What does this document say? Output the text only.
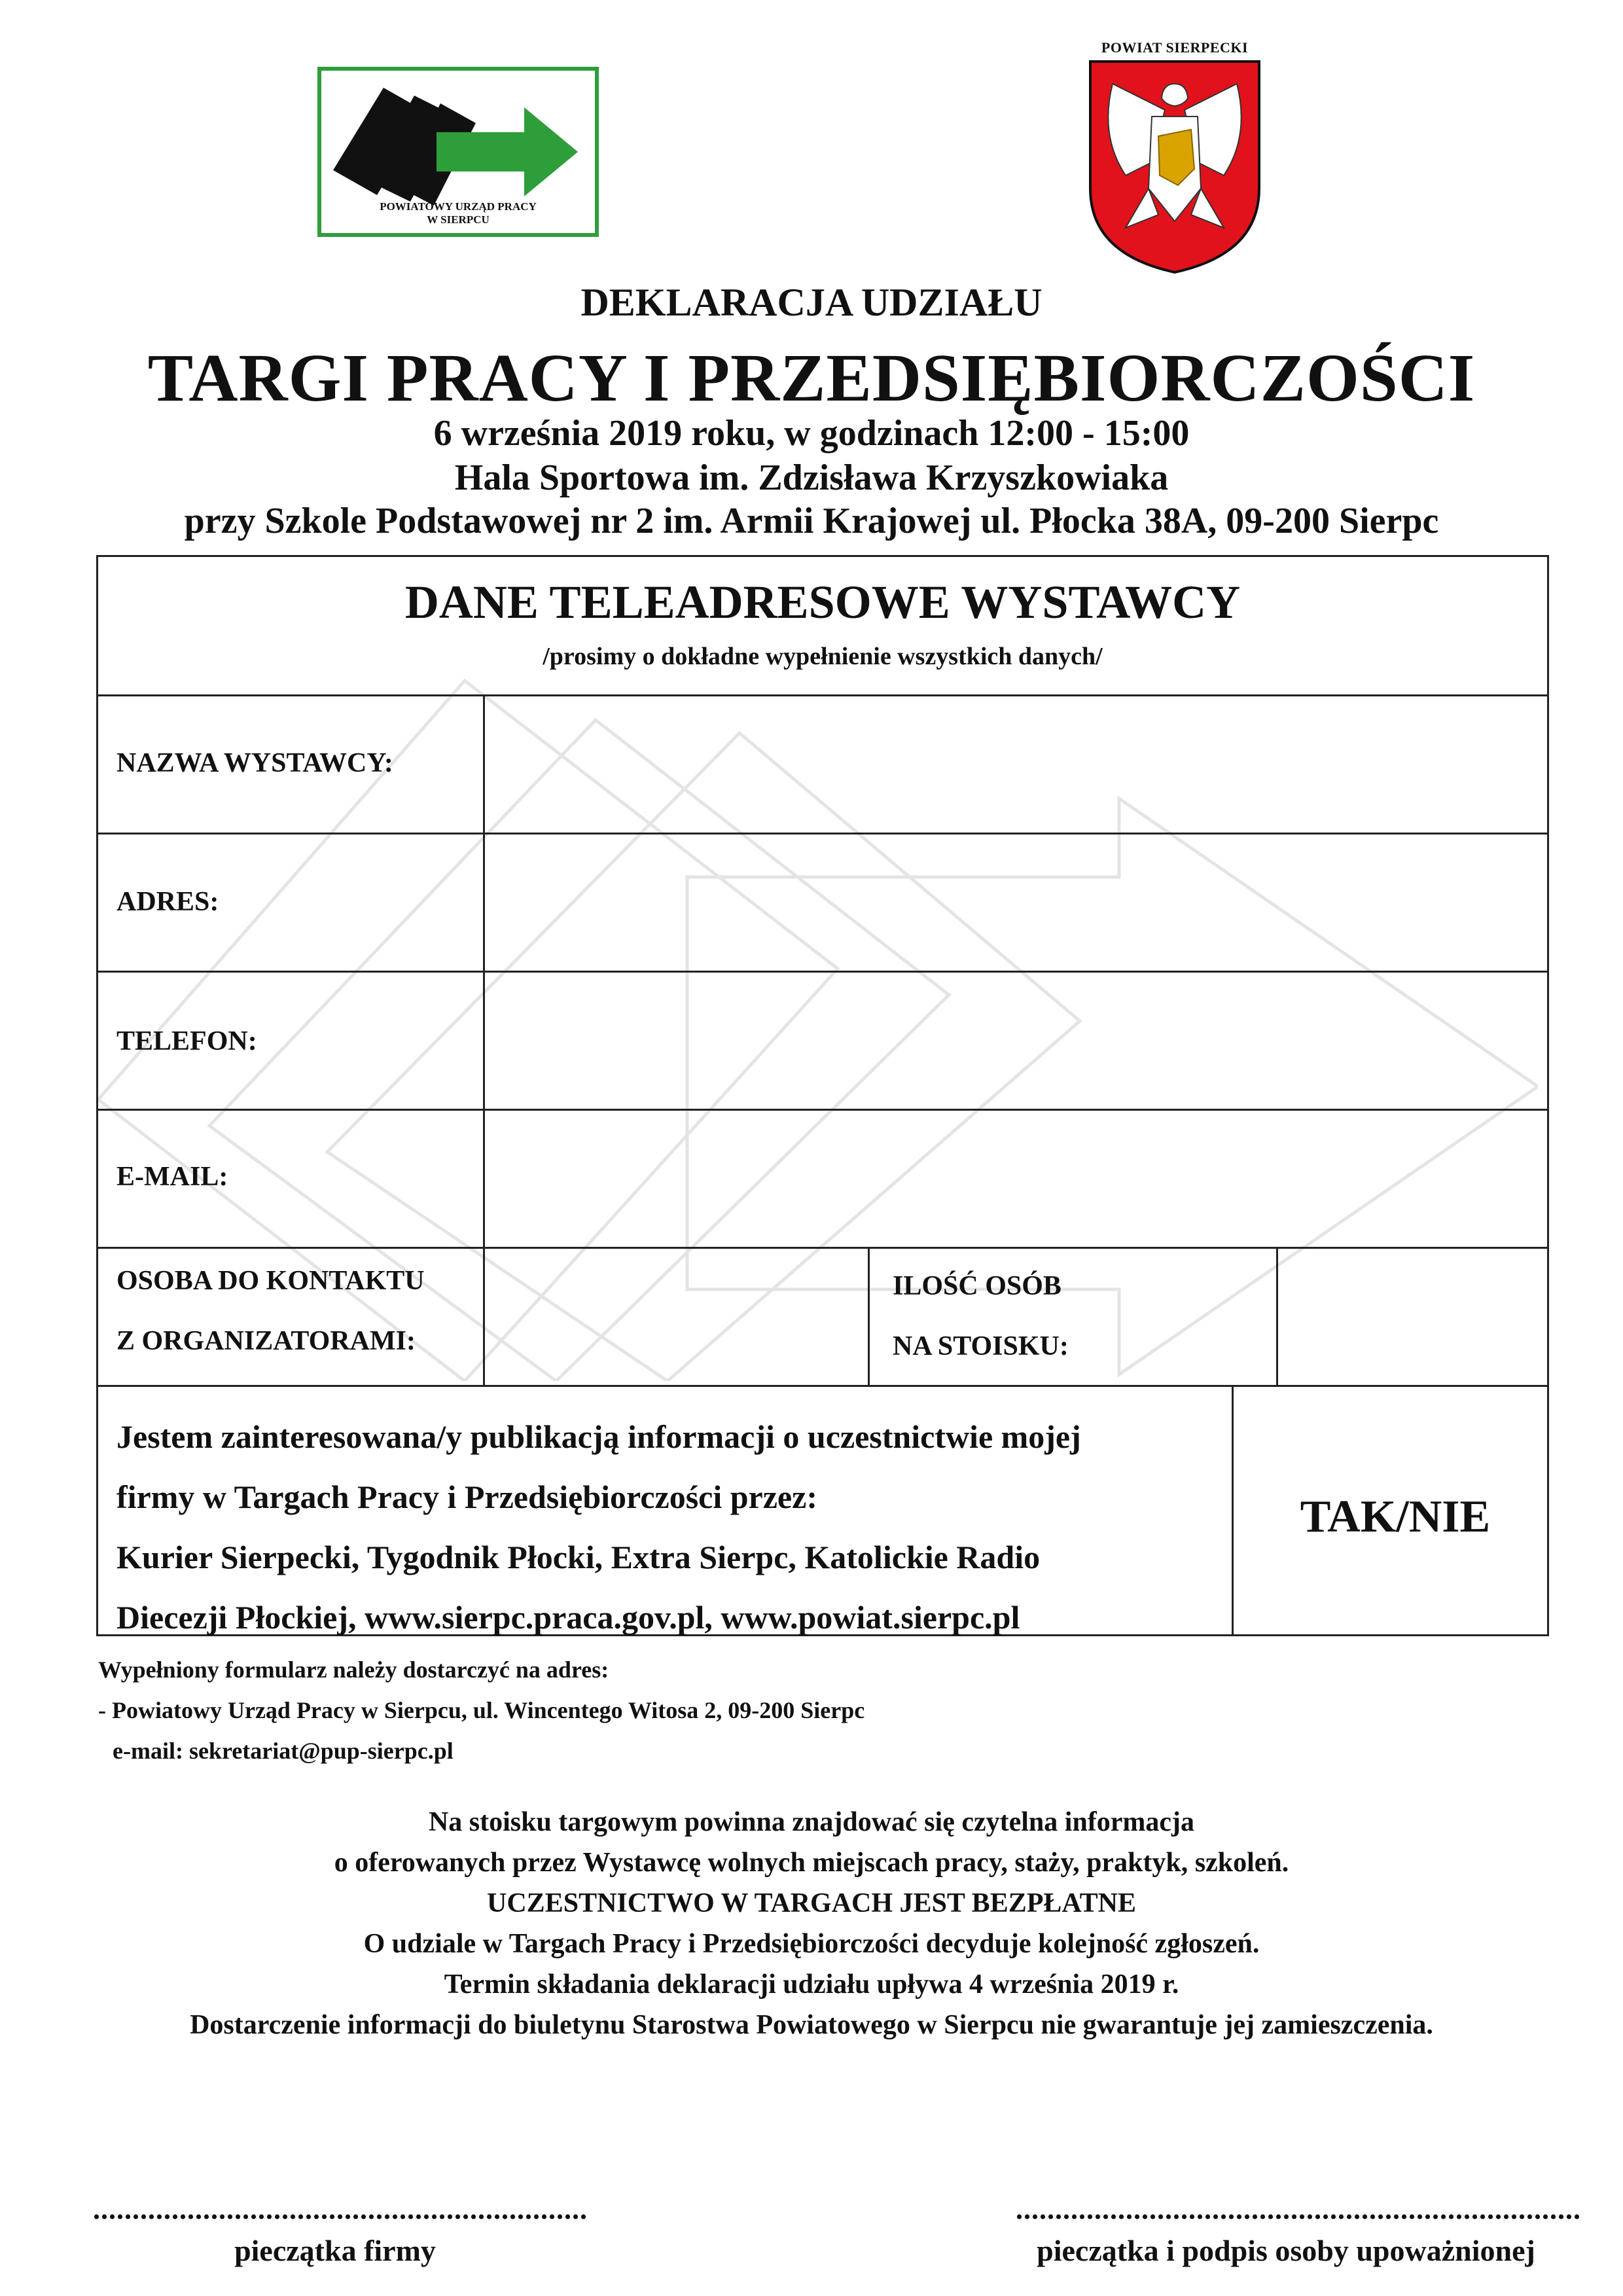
POWIATOWY URZĄD PRACY
W SIERPCU
POWIAT SIERPECKI
DEKLARACJA UDZIAŁU
TARGI PRACY I PRZEDSIĘBIORCZOŚCI
6 września 2019 roku, w godzinach 12:00 - 15:00
Hala Sportowa im. Zdzisława Krzyszkowiaka
przy Szkole Podstawowej nr 2 im. Armii Krajowej ul. Płocka 38A, 09-200 Sierpc
DANE TELEADRESOWE WYSTAWCY
/prosimy o dokładne wypełnienie wszystkich danych/
NAZWA WYSTAWCY:
ADRES:
TELEFON:
E-MAIL:
OSOBA DO KONTAKTU
Z ORGANIZATORAMI:
ILOŚĆ OSÓB
NA STOISKU:
Jestem zainteresowana/y publikacją informacji o uczestnictwie mojej
firmy w Targach Pracy i Przedsiębiorczości przez:
Kurier Sierpecki, Tygodnik Płocki, Extra Sierpc, Katolickie Radio
Diecezji Płockiej, www.sierpc.praca.gov.pl, www.powiat.sierpc.pl
TAK/NIE
Wypełniony formularz należy dostarczyć na adres:
- Powiatowy Urząd Pracy w Sierpcu, ul. Wincentego Witosa 2, 09-200 Sierpc
e-mail: sekretariat@pup-sierpc.pl
Na stoisku targowym powinna znajdować się czytelna informacja
o oferowanych przez Wystawcę wolnych miejscach pracy, staży, praktyk, szkoleń.
UCZESTNICTWO W TARGACH JEST BEZPŁATNE
O udziale w Targach Pracy i Przedsiębiorczości decyduje kolejność zgłoszeń.
Termin składania deklaracji udziału upływa 4 września 2019 r.
Dostarczenie informacji do biuletynu Starostwa Powiatowego w Sierpcu nie gwarantuje jej zamieszczenia.
...............................................................	........................................................................
pieczątka firmy	pieczątka i podpis osoby upoważnionej
